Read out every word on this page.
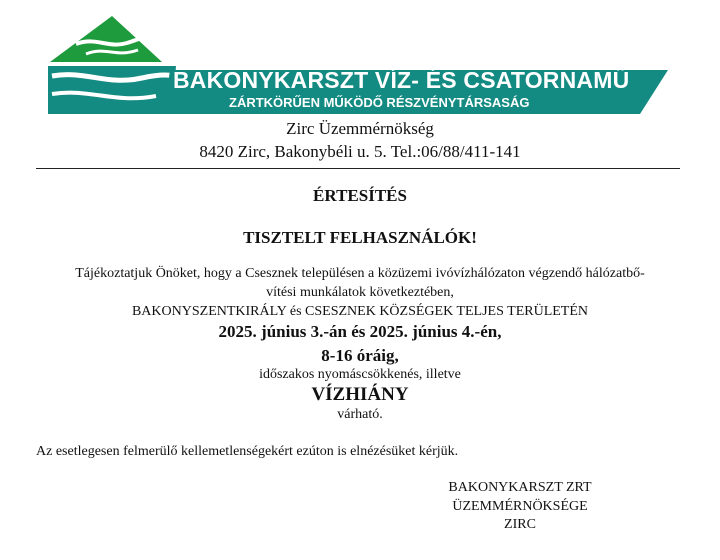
BAKONYKARSZT VÍZ- ÉS CSATORNAMŰ
ZÁRTKÖRŰEN MŰKÖDŐ RÉSZVÉNYTÁRSASÁG
Zirc Üzemmérnökség
8420 Zirc, Bakonybéli u. 5. Tel.:06/88/411-141
ÉRTESÍTÉS
TISZTELT FELHASZNÁLÓK!
Tájékoztatjuk Önöket, hogy a Csesznek településen a közüzemi ivóvízhálózaton végzendő hálózatbő-
vítési munkálatok következtében,
BAKONYSZENTKIRÁLY és CSESZNEK KÖZSÉGEK TELJES TERÜLETÉN
2025. június 3.-án és 2025. június 4.-én,
8-16 óráig,
időszakos nyomáscsökkenés, illetve
VÍZHIÁNY
várható.
Az esetlegesen felmerülő kellemetlenségekért ezúton is elnézésüket kérjük.
BAKONYKARSZT ZRT
ÜZEMMÉRNÖKSÉGE
ZIRC
